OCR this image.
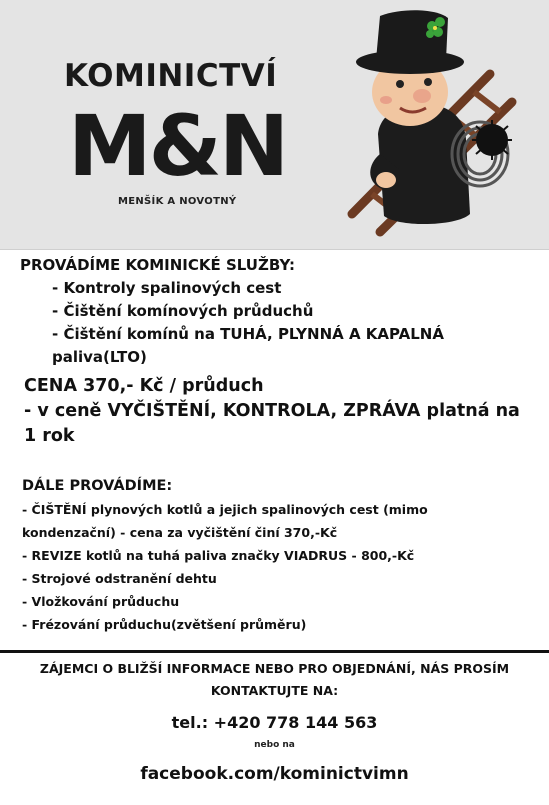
KOMINICTVÍ
M&N
MENŠÍK A NOVOTNÝ
PROVÁDÍME KOMINICKÉ SLUŽBY:
- Kontroly spalinových cest
- Čištění komínových průduchů
- Čištění komínů na TUHÁ, PLYNNÁ A KAPALNÁ paliva(LTO)
CENA 370,- Kč / průduch
- v ceně VYČIŠTĚNÍ, KONTROLA, ZPRÁVA platná na 1 rok
DÁLE PROVÁDÍME:
- ČIŠTĚNÍ plynových kotlů a jejich spalinových cest (mimo
kondenzační) - cena za vyčištění činí 370,-Kč
- REVIZE kotlů na tuhá paliva značky VIADRUS - 800,-Kč
- Strojové odstranění dehtu
- Vložkování průduchu
- Frézování průduchu(zvětšení průměru)
ZÁJEMCI O BLIŽŠÍ INFORMACE NEBO PRO OBJEDNÁNÍ, NÁS PROSÍM
KONTAKTUJTE NA:
tel.: +420 778 144 563
nebo na
facebook.com/kominictvimn
